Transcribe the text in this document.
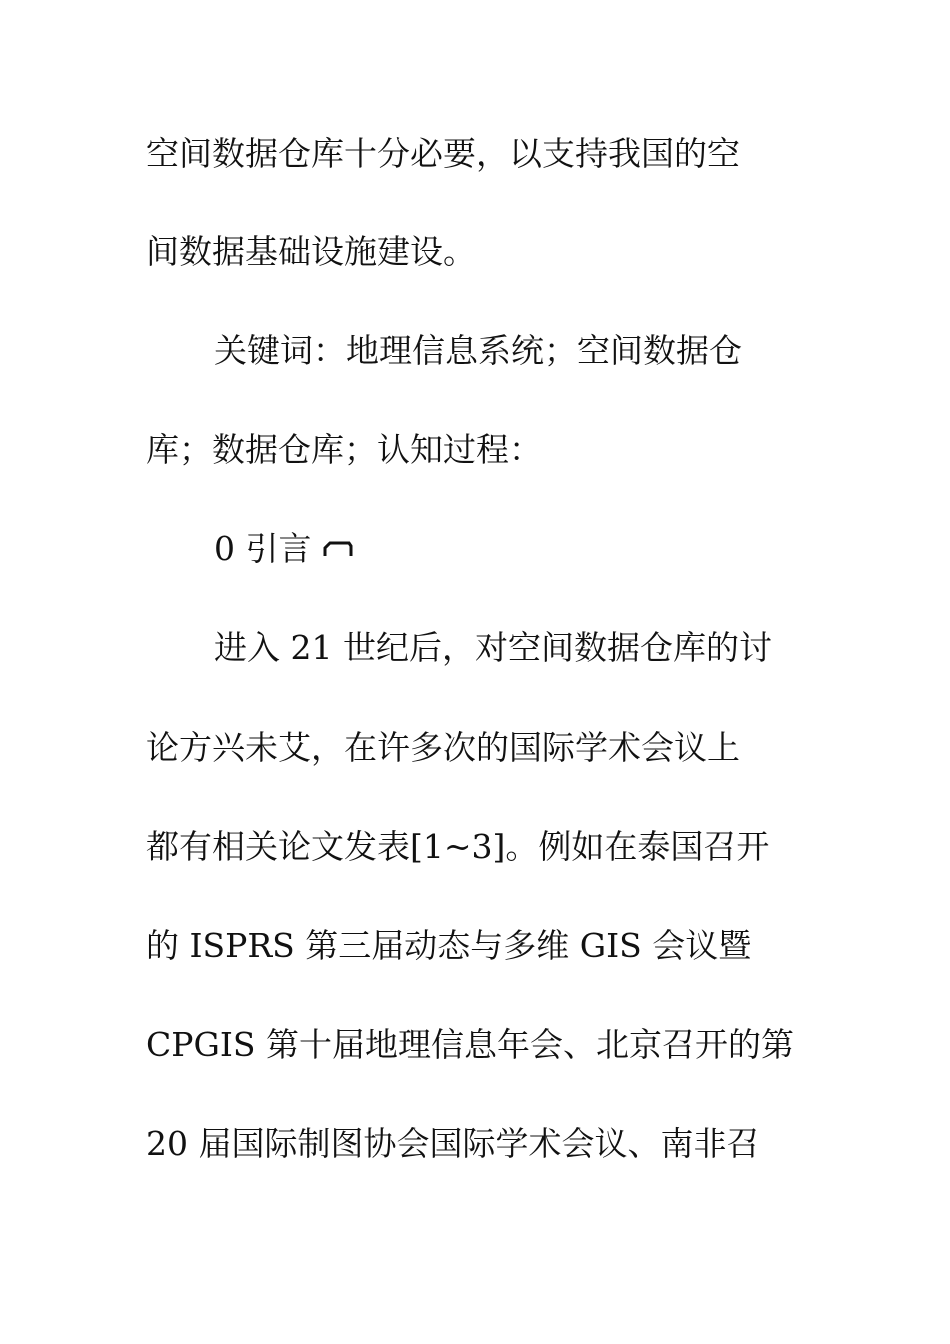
空间数据仓库十分必要，以支持我国的空
间数据基础设施建设。
关键词：地理信息系统；空间数据仓
库；数据仓库；认知过程：
0 引言
进入 21 世纪后，对空间数据仓库的讨
论方兴未艾，在许多次的国际学术会议上
都有相关论文发表[1~3]。例如在泰国召开
的 ISPRS 第三届动态与多维 GIS 会议暨
CPGIS 第十届地理信息年会、北京召开的第
20 届国际制图协会国际学术会议、南非召
